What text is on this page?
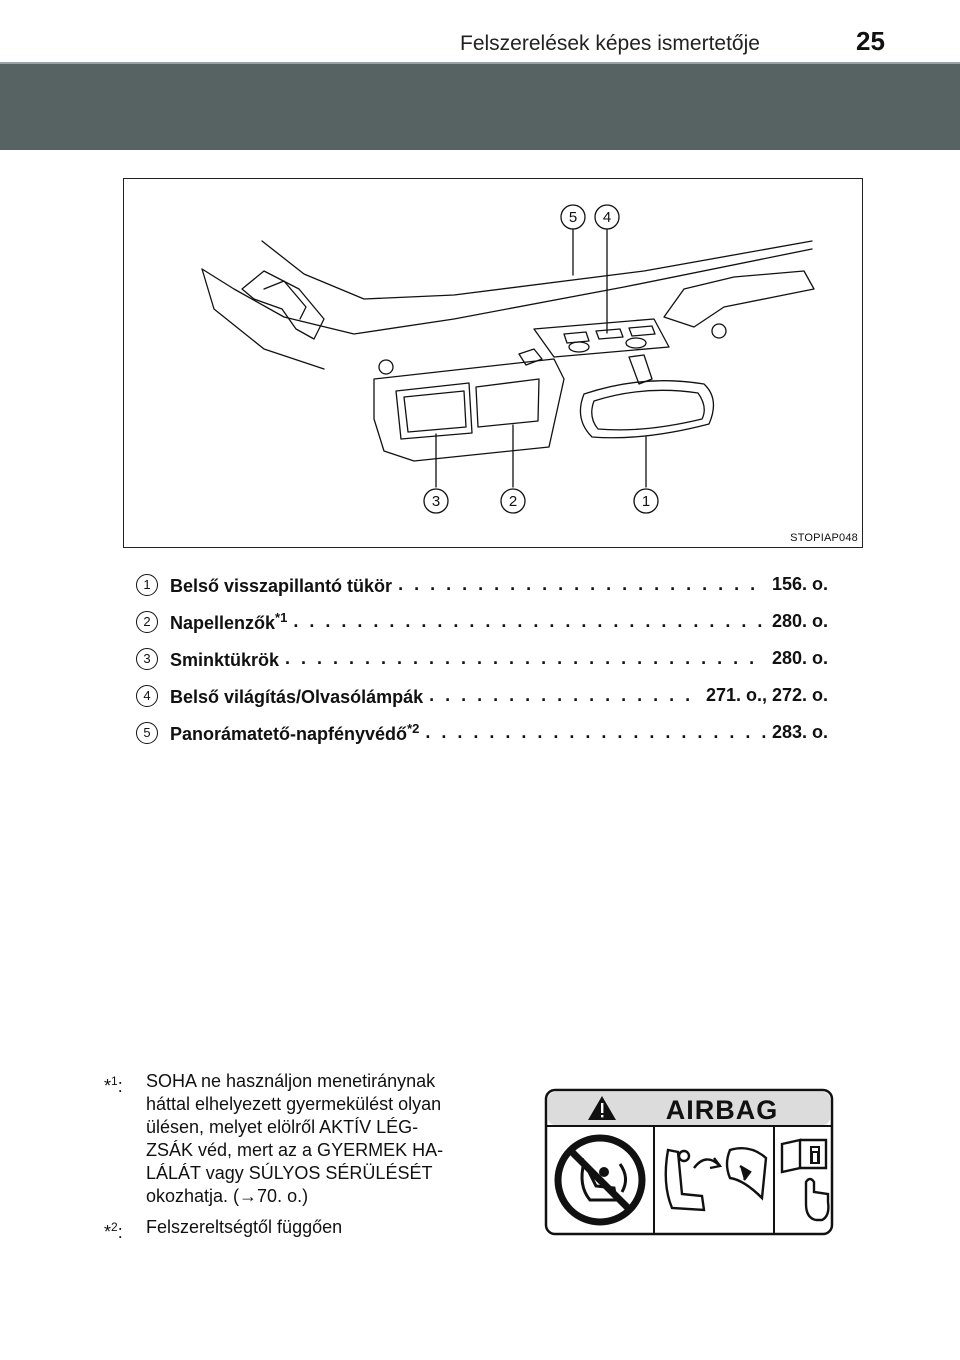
Felszerelések képes ismertetője	25
1
2
3
4
5
STOPIAP048
1	Belső visszapillantó tükör . . .	156. o.
2	Napellenzők$^{*1}$ . . .	280. o.
3	Sminktükrök . . .	280. o.
4	Belső világítás/Olvasólámpák . . .	271. o., 272. o.
5	Panorámatető-napfényvédő$^{*2}$ . . .	283. o.
*$^1$:	SOHA ne használjon menetiránynak
háttal elhelyezett gyermekülést olyan
ülésen, melyet elölről AKTÍV LÉG-
ZSÁK véd, mert az a GYERMEK HA-
LÁLÁT vagy SÚLYOS SÉRÜLÉSÉT
okozhatja. (→70. o.)
*$^2$:	Felszereltségtől függően
AIRBAG
